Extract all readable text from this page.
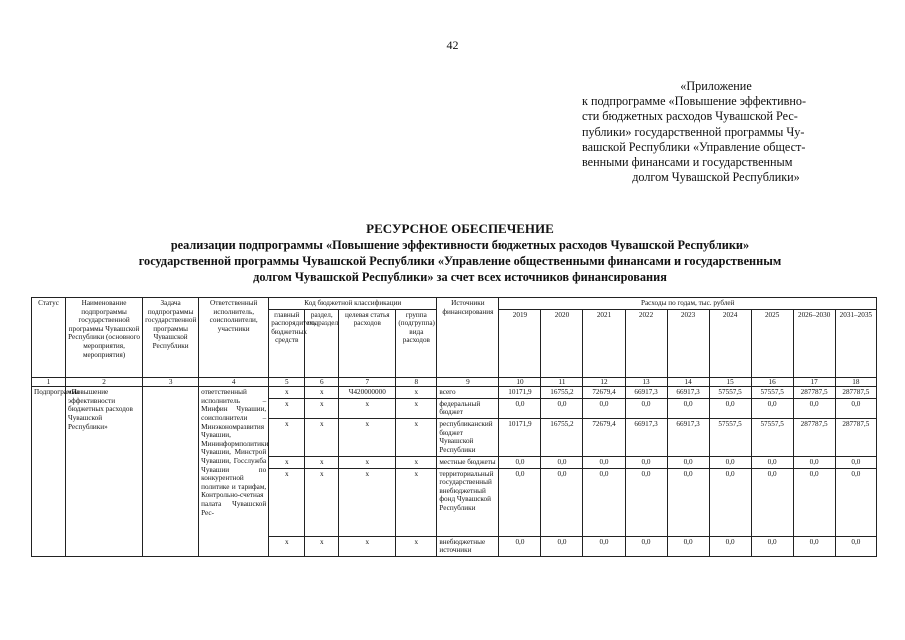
42
«Приложение
к подпрограмме «Повышение эффективно-
сти бюджетных расходов Чувашской Рес-
публики» государственной программы Чу-
вашской Республики «Управление общест-
венными финансами и государственным
долгом Чувашской Республики»
РЕСУРСНОЕ ОБЕСПЕЧЕНИЕ
реализации подпрограммы «Повышение эффективности бюджетных расходов Чувашской Республики»
государственной программы Чувашской Республики «Управление общественными финансами и государственным
долгом Чувашской Республики» за счет всех источников финансирования
Статус	Наименование подпрограммы государственной программы Чувашской Республики (основного мероприятия, мероприятия)	Задача подпрограммы государственной программы Чувашской Республики	Ответственный исполнитель, соисполнители, участники	Код бюджетной классификации				Источники финансирования	Расходы по годам, тыс. рублей								
				главный распорядитель бюджетных средств	раздел, подраздел	целевая статья расходов	группа (подгруппа) вида расходов		2019	2020	2021	2022	2023	2024	2025	2026–2030	2031–2035
1	2	3	4	5	6	7	8	9	10	11	12	13	14	15	16	17	18
Подпрограмма	«Повышение эффективности бюджетных расходов Чувашской Республики»		ответственный исполнитель – Минфин Чувашии, соисполнители – Минэкономразвития Чувашии, Мининформполитики Чувашии, Минстрой Чувашии, Госслужба Чувашии по конкурентной политике и тарифам, Контрольно-счетная палата Чувашской Рес-	х	х	Ч420000000	х	всего	10171,9	16755,2	72679,4	66917,3	66917,3	57557,5	57557,5	287787,5	287787,5
				х	х	х	х	федеральный бюджет	0,0	0,0	0,0	0,0	0,0	0,0	0,0	0,0	0,0
				х	х	х	х	республиканский бюджет Чувашской Республики	10171,9	16755,2	72679,4	66917,3	66917,3	57557,5	57557,5	287787,5	287787,5
				х	х	х	х	местные бюджеты	0,0	0,0	0,0	0,0	0,0	0,0	0,0	0,0	0,0
				х	х	х	х	территориальный государственный внебюджетный фонд Чувашской Республики	0,0	0,0	0,0	0,0	0,0	0,0	0,0	0,0	0,0
				х	х	х	х	внебюджетные источники	0,0	0,0	0,0	0,0	0,0	0,0	0,0	0,0	0,0
